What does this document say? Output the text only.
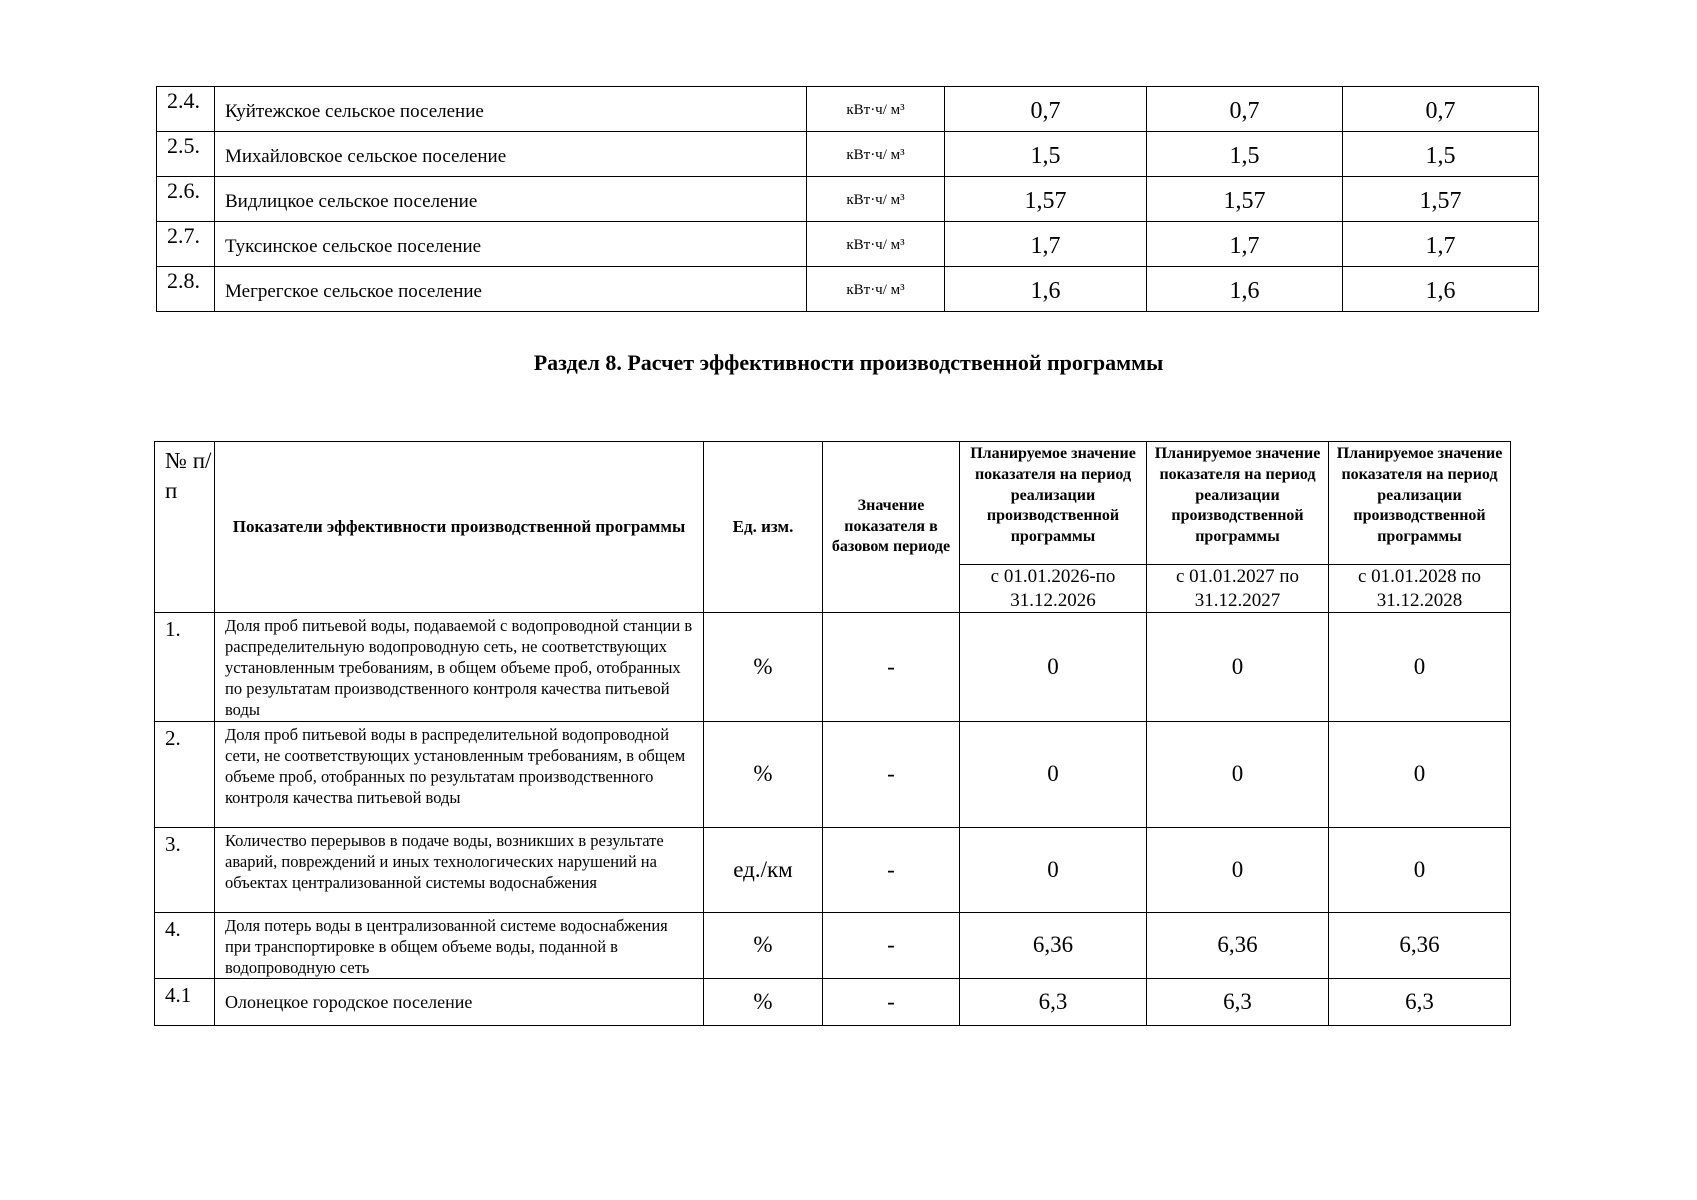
2.4.	Куйтежское сельское поселение	кВт·ч/ м³	0,7	0,7	0,7
2.5.	Михайловское сельское поселение	кВт·ч/ м³	1,5	1,5	1,5
2.6.	Видлицкое сельское поселение	кВт·ч/ м³	1,57	1,57	1,57
2.7.	Туксинское сельское поселение	кВт·ч/ м³	1,7	1,7	1,7
2.8.	Мегрегское сельское поселение	кВт·ч/ м³	1,6	1,6	1,6
Раздел 8. Расчет эффективности производственной программы
№ п/п	Показатели эффективности производственной программы	Ед. изм.	Значение показателя в базовом периоде	Планируемое значение показателя на период реализации производственной программы	Планируемое значение показателя на период реализации производственной программы	Планируемое значение показателя на период реализации производственной программы
				с 01.01.2026-по 31.12.2026	с 01.01.2027 по 31.12.2027	с 01.01.2028 по 31.12.2028
1.	Доля проб питьевой воды, подаваемой с водопроводной станции в распределительную водопроводную сеть, не соответствующих установленным требованиям, в общем объеме проб, отобранных по результатам производственного контроля качества питьевой воды	%	-	0	0	0
2.	Доля проб питьевой воды в распределительной водопроводной сети, не соответствующих установленным требованиям, в общем объеме проб, отобранных по результатам производственного контроля качества питьевой воды	%	-	0	0	0
3.	Количество перерывов в подаче воды, возникших в результате аварий, повреждений и иных технологических нарушений на объектах централизованной системы водоснабжения	ед./км	-	0	0	0
4.	Доля потерь воды в централизованной системе водоснабжения при транспортировке в общем объеме воды, поданной в водопроводную сеть	%	-	6,36	6,36	6,36
4.1	Олонецкое городское поселение	%	-	6,3	6,3	6,3
